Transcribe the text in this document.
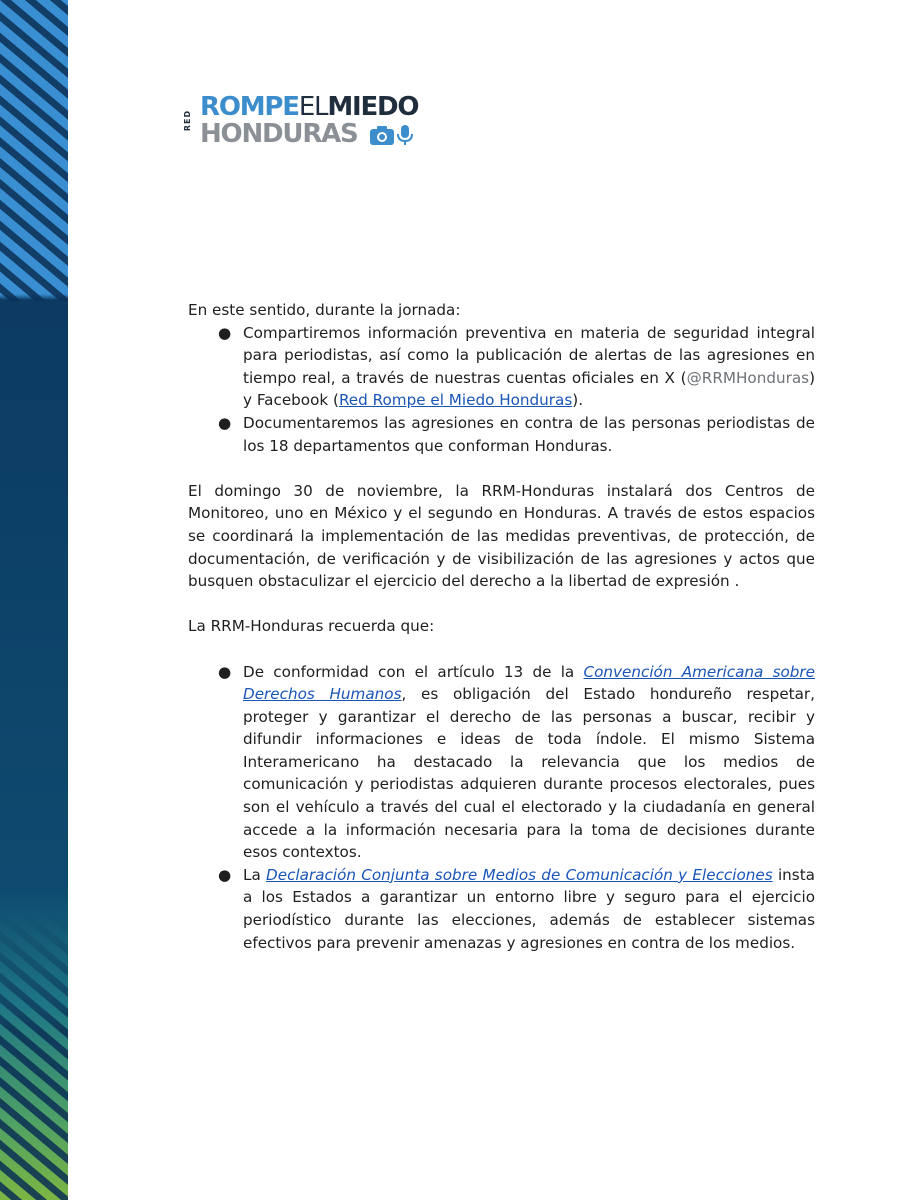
RED ROMPEELMIEDO
HONDURAS

En este sentido, durante la jornada:

● Compartiremos información preventiva en materia de seguridad integral para periodistas, así como la publicación de alertas de las agresiones en tiempo real, a través de nuestras cuentas oficiales en X (@RRMHonduras) y Facebook (Red Rompe el Miedo Honduras).
● Documentaremos las agresiones en contra de las personas periodistas de los 18 departamentos que conforman Honduras.

El domingo 30 de noviembre, la RRM-Honduras instalará dos Centros de Monitoreo, uno en México y el segundo en Honduras. A través de estos espacios se coordinará la implementación de las medidas preventivas, de protección, de documentación, de verificación y de visibilización de las agresiones y actos que busquen obstaculizar el ejercicio del derecho a la libertad de expresión .

La RRM-Honduras recuerda que:

● De conformidad con el artículo 13 de la Convención Americana sobre Derechos Humanos, es obligación del Estado hondureño respetar, proteger y garantizar el derecho de las personas a buscar, recibir y difundir informaciones e ideas de toda índole. El mismo Sistema Interamericano ha destacado la relevancia que los medios de comunicación y periodistas adquieren durante procesos electorales, pues son el vehículo a través del cual el electorado y la ciudadanía en general accede a la información necesaria para la toma de decisiones durante esos contextos.
● La Declaración Conjunta sobre Medios de Comunicación y Elecciones insta a los Estados a garantizar un entorno libre y seguro para el ejercicio periodístico durante las elecciones, además de establecer sistemas efectivos para prevenir amenazas y agresiones en contra de los medios.
